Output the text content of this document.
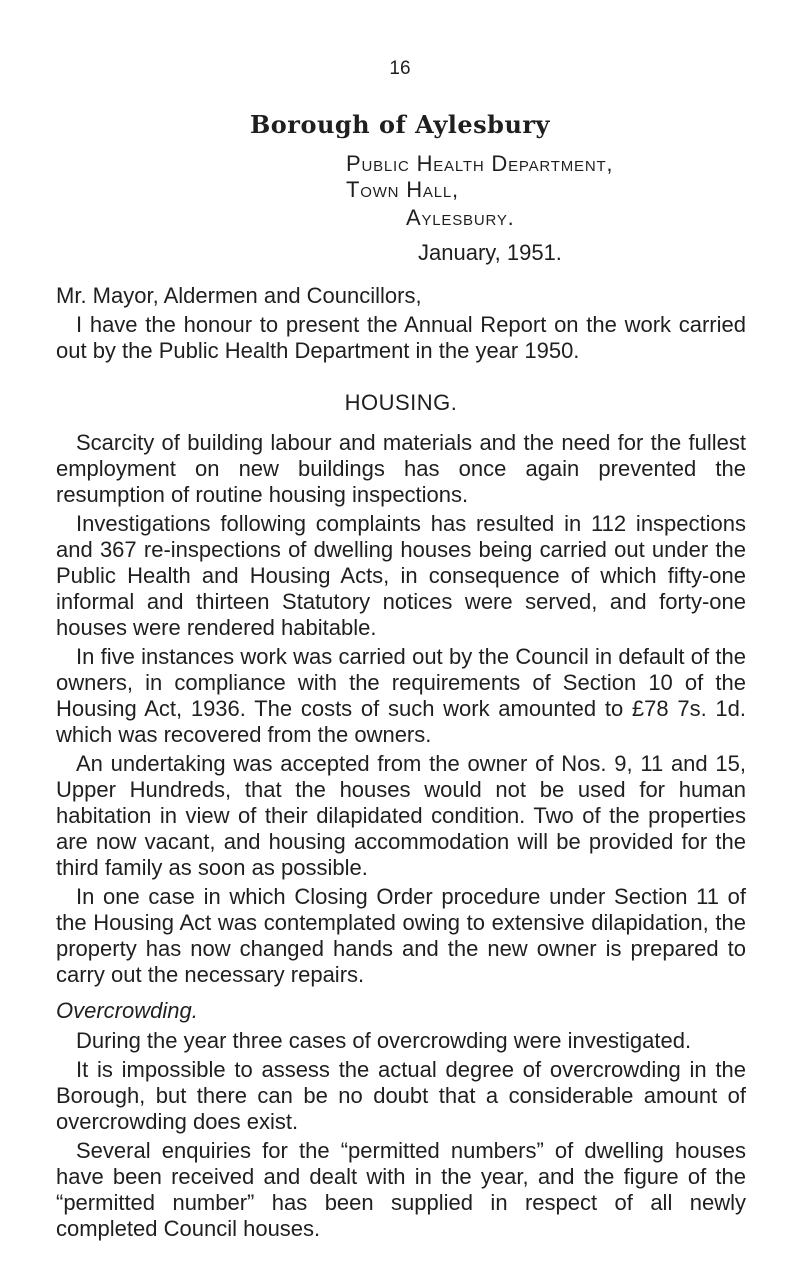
16
Borough of Aylesbury
Public Health Department,
Town Hall,
Aylesbury.
January, 1951.

Mr. Mayor, Aldermen and Councillors,

I have the honour to present the Annual Report on the work carried out by the Public Health Department in the year 1950.

HOUSING.

Scarcity of building labour and materials and the need for the fullest employment on new buildings has once again prevented the resumption of routine housing inspections.

Investigations following complaints has resulted in 112 inspections and 367 re-inspections of dwelling houses being carried out under the Public Health and Housing Acts, in consequence of which fifty-one informal and thirteen Statutory notices were served, and forty-one houses were rendered habitable.

In five instances work was carried out by the Council in default of the owners, in compliance with the requirements of Section 10 of the Housing Act, 1936. The costs of such work amounted to £78 7s. 1d. which was recovered from the owners.

An undertaking was accepted from the owner of Nos. 9, 11 and 15, Upper Hundreds, that the houses would not be used for human habitation in view of their dilapidated condition. Two of the properties are now vacant, and housing accommodation will be provided for the third family as soon as possible.

In one case in which Closing Order procedure under Section 11 of the Housing Act was contemplated owing to extensive dilapidation, the property has now changed hands and the new owner is prepared to carry out the necessary repairs.

Overcrowding.

During the year three cases of overcrowding were investigated.

It is impossible to assess the actual degree of overcrowding in the Borough, but there can be no doubt that a considerable amount of overcrowding does exist.

Several enquiries for the “permitted numbers” of dwelling houses have been received and dealt with in the year, and the figure of the “permitted number” has been supplied in respect of all newly completed Council houses.
